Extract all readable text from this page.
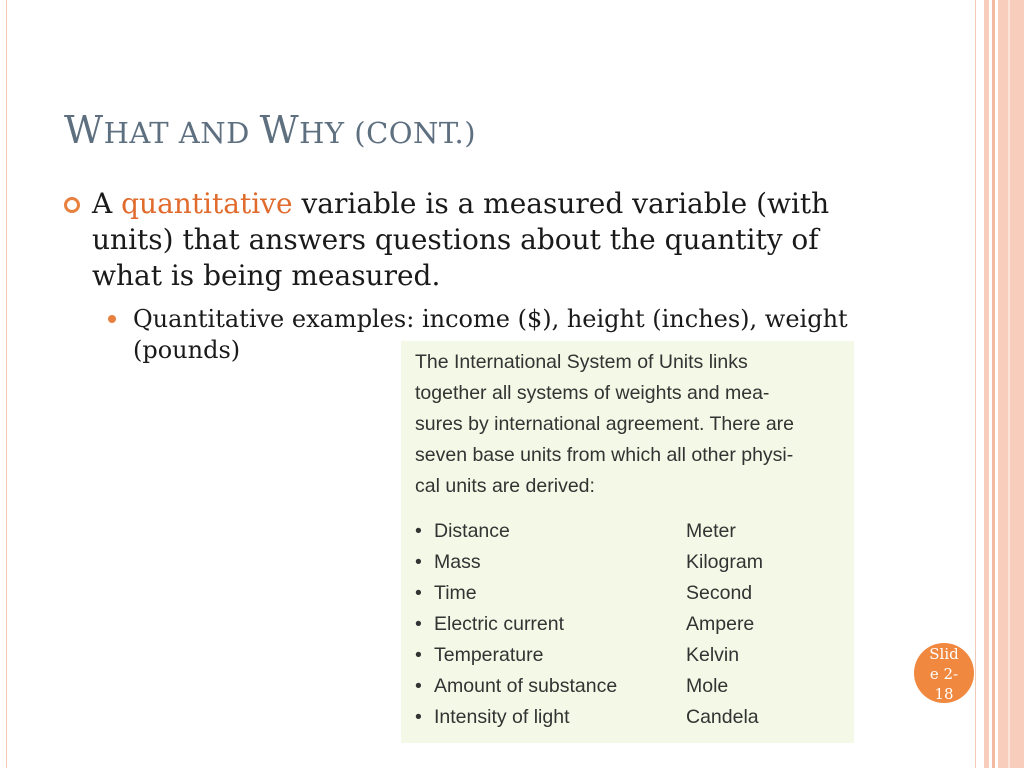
WHAT AND WHY (CONT.)
A quantitative variable is a measured variable (with units) that answers questions about the quantity of what is being measured.
Quantitative examples: income ($), height (inches), weight (pounds)	The International System of Units links
together all systems of weights and mea-
sures by international agreement. There are
seven base units from which all other physi-
cal units are derived:
• Distance	Meter
• Mass	Kilogram
• Time	Second
• Electric current	Ampere
• Temperature	Kelvin
• Amount of substance	Mole
• Intensity of light	Candela
Slide 2-18
